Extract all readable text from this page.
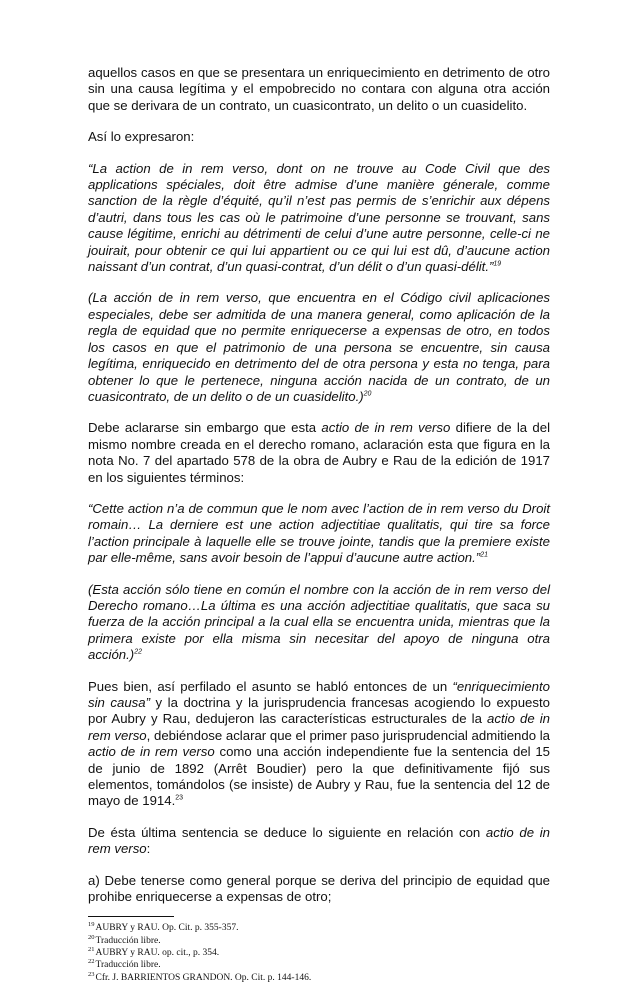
aquellos casos en que se presentara un enriquecimiento en detrimento de otro sin una causa legítima y el empobrecido no contara con alguna otra acción que se derivara de un contrato, un cuasicontrato, un delito o un cuasidelito.

Así lo expresaron:

“La action de in rem verso, dont on ne trouve au Code Civil que des applications spéciales, doit être admise d’une manière génerale, comme sanction de la règle d’équité, qu’il n’est pas permis de s’enrichir aux dépens d’autri, dans tous les cas où le patrimoine d’une personne se trouvant, sans cause légitime, enrichi au détrimenti de celui d’une autre personne, celle-ci ne jouirait, pour obtenir ce qui lui appartient ou ce qui lui est dû, d’aucune action naissant d’un contrat, d’un quasi-contrat, d’un délit o d’un quasi-délit.”$^{19}$

(La acción de in rem verso, que encuentra en el Código civil aplicaciones especiales, debe ser admitida de una manera general, como aplicación de la regla de equidad que no permite enriquecerse a expensas de otro, en todos los casos en que el patrimonio de una persona se encuentre, sin causa legítima, enriquecido en detrimento del de otra persona y esta no tenga, para obtener lo que le pertenece, ninguna acción nacida de un contrato, de un cuasicontrato, de un delito o de un cuasidelito.)$^{20}$

Debe aclararse sin embargo que esta actio de in rem verso difiere de la del mismo nombre creada en el derecho romano, aclaración esta que figura en la nota No. 7 del apartado 578 de la obra de Aubry e Rau de la edición de 1917 en los siguientes términos:

“Cette action n’a de commun que le nom avec l’action de in rem verso du Droit romain… La derniere est une action adjectitiae qualitatis, qui tire sa force l’action principale à laquelle elle se trouve jointe, tandis que la premiere existe par elle-même, sans avoir besoin de l’appui d’aucune autre action.”$^{21}$

(Esta acción sólo tiene en común el nombre con la acción de in rem verso del Derecho romano…La última es una acción adjectitiae qualitatis, que saca su fuerza de la acción principal a la cual ella se encuentra unida, mientras que la primera existe por ella misma sin necesitar del apoyo de ninguna otra acción.)$^{22}$

Pues bien, así perfilado el asunto se habló entonces de un “enriquecimiento sin causa” y la doctrina y la jurisprudencia francesas acogiendo lo expuesto por Aubry y Rau, dedujeron las características estructurales de la actio de in rem verso, debiéndose aclarar que el primer paso jurisprudencial admitiendo la actio de in rem verso como una acción independiente fue la sentencia del 15 de junio de 1892 (Arrêt Boudier) pero la que definitivamente fijó sus elementos, tomándolos (se insiste) de Aubry y Rau, fue la sentencia del 12 de mayo de 1914.23

De ésta última sentencia se deduce lo siguiente en relación con actio de in rem verso:

a) Debe tenerse como general porque se deriva del principio de equidad que prohibe enriquecerse a expensas de otro;

$^{19}$AUBRY y RAU. Op. Cit. p. 355-357.
$^{20}$Traducción libre.
$^{21}$AUBRY y RAU. op. cit., p. 354.
$^{22}$Traducción libre.
$^{23}$Cfr. J. BARRIENTOS GRANDON. Op. Cit. p. 144-146.
